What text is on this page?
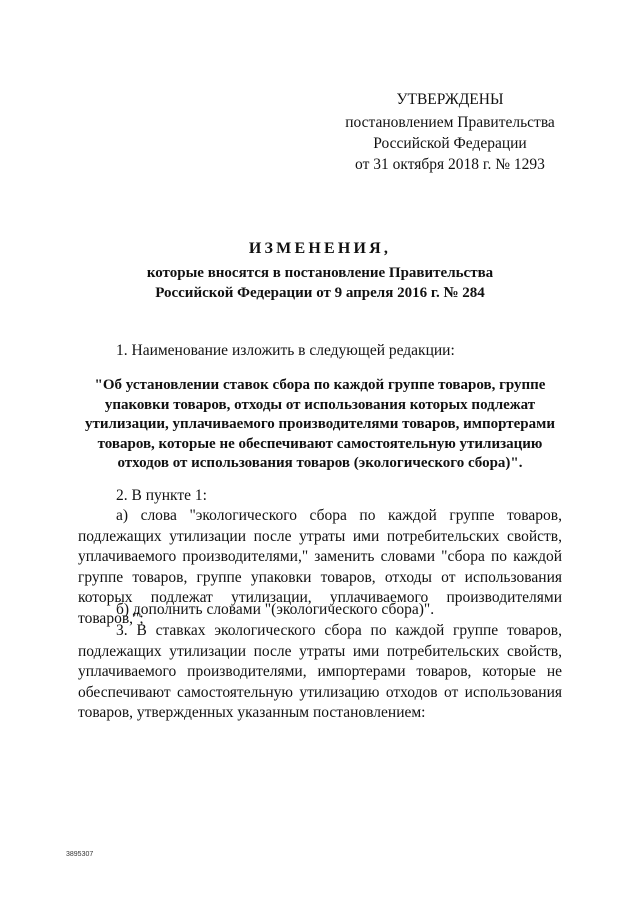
УТВЕРЖДЕНЫ
постановлением Правительства
Российской Федерации
от 31 октября 2018 г. № 1293
ИЗМЕНЕНИЯ,
которые вносятся в постановление Правительства
Российской Федерации от 9 апреля 2016 г. № 284

1. Наименование изложить в следующей редакции:

"Об установлении ставок сбора по каждой группе товаров, группе упаковки товаров, отходы от использования которых подлежат утилизации, уплачиваемого производителями товаров, импортерами товаров, которые не обеспечивают самостоятельную утилизацию отходов от использования товаров (экологического сбора)".

2. В пункте 1:

а) слова "экологического сбора по каждой группе товаров, подлежащих утилизации после утраты ими потребительских свойств, уплачиваемого производителями," заменить словами "сбора по каждой группе товаров, группе упаковки товаров, отходы от использования которых подлежат утилизации, уплачиваемого производителями товаров,";

б) дополнить словами "(экологического сбора)".

3. В ставках экологического сбора по каждой группе товаров, подлежащих утилизации после утраты ими потребительских свойств, уплачиваемого производителями, импортерами товаров, которые не обеспечивают самостоятельную утилизацию отходов от использования товаров, утвержденных указанным постановлением:

3895307
